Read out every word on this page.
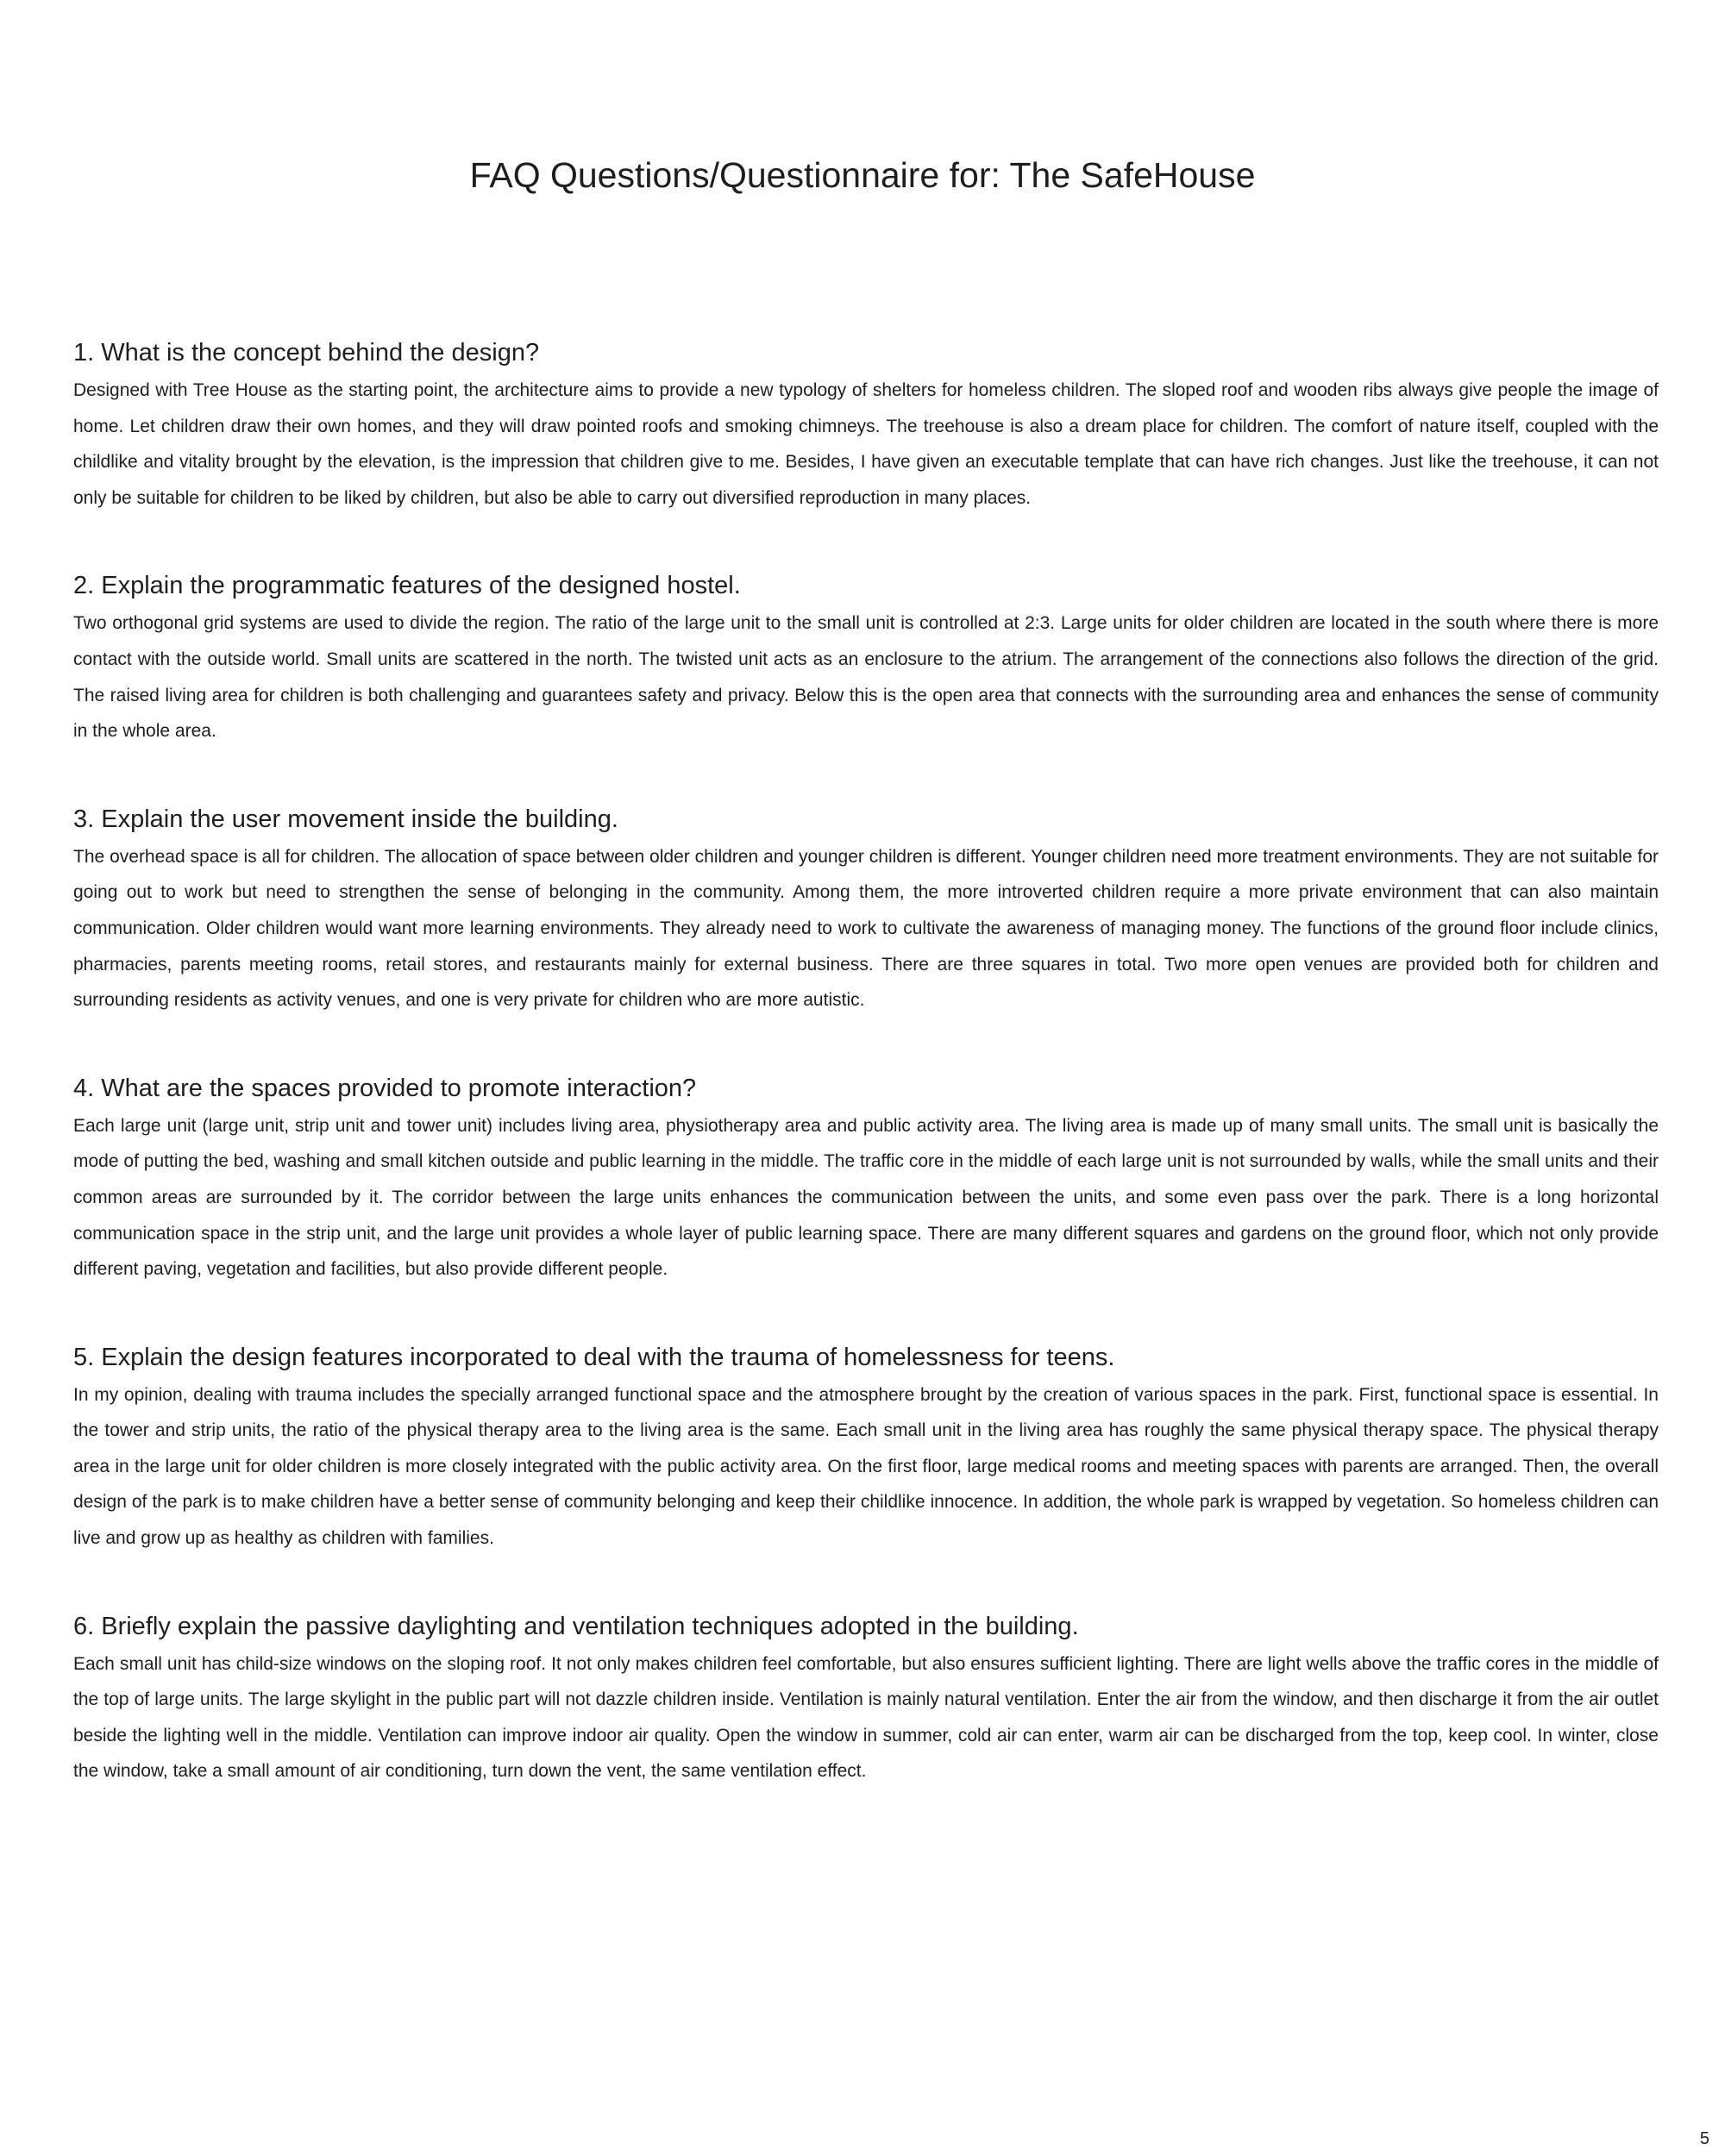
FAQ Questions/Questionnaire for: The SafeHouse
1. What is the concept behind the design?

Designed with Tree House as the starting point, the architecture aims to provide a new typology of shelters for homeless children. The sloped roof and wooden ribs always give people the image of home. Let children draw their own homes, and they will draw pointed roofs and smoking chimneys. The treehouse is also a dream place for children. The comfort of nature itself, coupled with the childlike and vitality brought by the elevation, is the impression that children give to me. Besides, I have given an executable template that can have rich changes. Just like the treehouse, it can not only be suitable for children to be liked by children, but also be able to carry out diversified reproduction in many places.

2. Explain the programmatic features of the designed hostel.

Two orthogonal grid systems are used to divide the region. The ratio of the large unit to the small unit is controlled at 2:3. Large units for older children are located in the south where there is more contact with the outside world. Small units are scattered in the north. The twisted unit acts as an enclosure to the atrium. The arrangement of the connections also follows the direction of the grid. The raised living area for children is both challenging and guarantees safety and privacy. Below this is the open area that connects with the surrounding area and enhances the sense of community in the whole area.

3. Explain the user movement inside the building.

The overhead space is all for children. The allocation of space between older children and younger children is different. Younger children need more treatment environments. They are not suitable for going out to work but need to strengthen the sense of belonging in the community. Among them, the more introverted children require a more private environment that can also maintain communication. Older children would want more learning environments. They already need to work to cultivate the awareness of managing money. The functions of the ground floor include clinics, pharmacies, parents meeting rooms, retail stores, and restaurants mainly for external business. There are three squares in total. Two more open venues are provided both for children and surrounding residents as activity venues, and one is very private for children who are more autistic.

4. What are the spaces provided to promote interaction?

Each large unit (large unit, strip unit and tower unit) includes living area, physiotherapy area and public activity area. The living area is made up of many small units. The small unit is basically the mode of putting the bed, washing and small kitchen outside and public learning in the middle. The traffic core in the middle of each large unit is not surrounded by walls, while the small units and their common areas are surrounded by it. The corridor between the large units enhances the communication between the units, and some even pass over the park. There is a long horizontal communication space in the strip unit, and the large unit provides a whole layer of public learning space. There are many different squares and gardens on the ground floor, which not only provide different paving, vegetation and facilities, but also provide different people.

5. Explain the design features incorporated to deal with the trauma of homelessness for teens.

In my opinion, dealing with trauma includes the specially arranged functional space and the atmosphere brought by the creation of various spaces in the park. First, functional space is essential. In the tower and strip units, the ratio of the physical therapy area to the living area is the same. Each small unit in the living area has roughly the same physical therapy space. The physical therapy area in the large unit for older children is more closely integrated with the public activity area. On the first floor, large medical rooms and meeting spaces with parents are arranged. Then, the overall design of the park is to make children have a better sense of community belonging and keep their childlike innocence. In addition, the whole park is wrapped by vegetation. So homeless children can live and grow up as healthy as children with families.

6. Briefly explain the passive daylighting and ventilation techniques adopted in the building.

Each small unit has child-size windows on the sloping roof. It not only makes children feel comfortable, but also ensures sufficient lighting. There are light wells above the traffic cores in the middle of the top of large units. The large skylight in the public part will not dazzle children inside. Ventilation is mainly natural ventilation. Enter the air from the window, and then discharge it from the air outlet beside the lighting well in the middle. Ventilation can improve indoor air quality. Open the window in summer, cold air can enter, warm air can be discharged from the top, keep cool. In winter, close the window, take a small amount of air conditioning, turn down the vent, the same ventilation effect.

5
